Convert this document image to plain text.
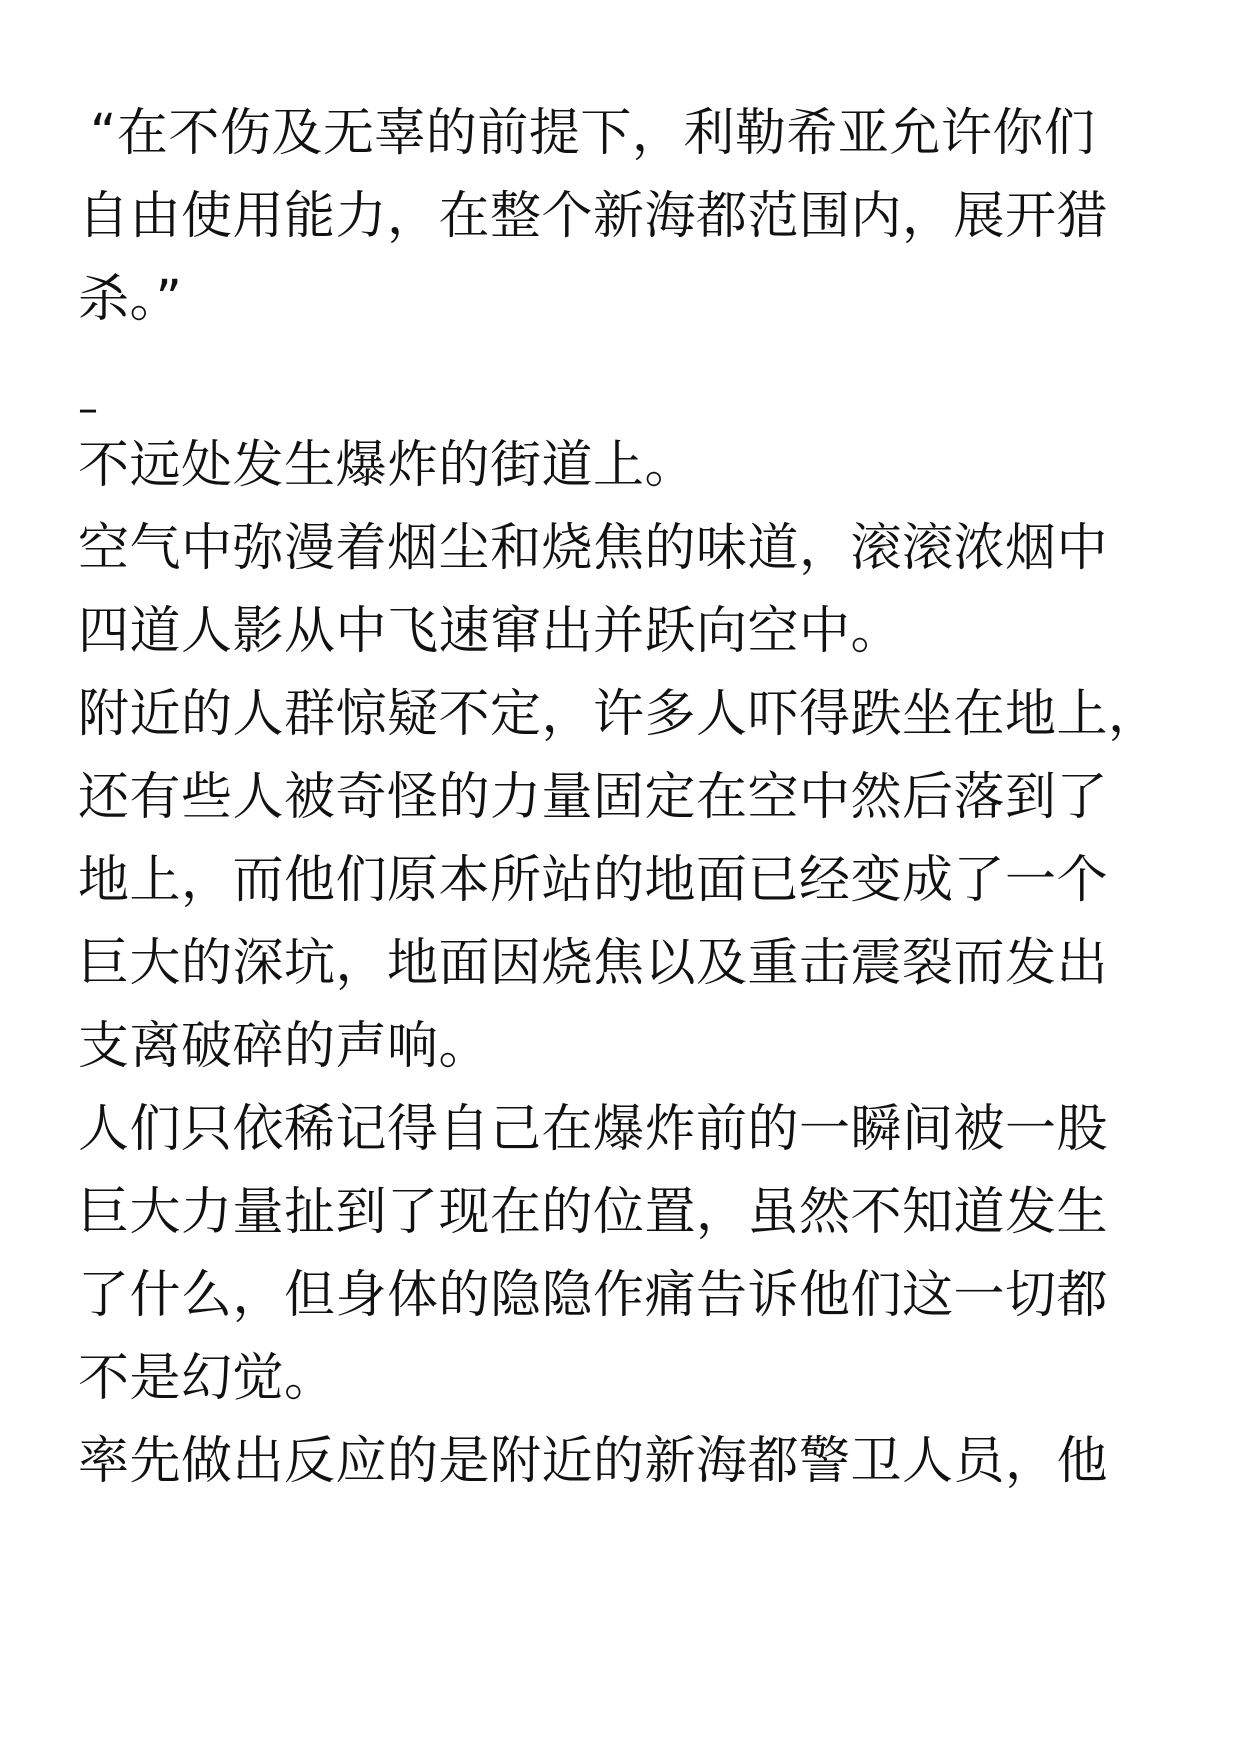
“在不伤及无辜的前提下，利勒希亚允许你们
自由使用能力，在整个新海都范围内，展开猎
杀。”
–
不远处发生爆炸的街道上。
空气中弥漫着烟尘和烧焦的味道，滚滚浓烟中
四道人影从中飞速窜出并跃向空中。
附近的人群惊疑不定，许多人吓得跌坐在地上，
还有些人被奇怪的力量固定在空中然后落到了
地上，而他们原本所站的地面已经变成了一个
巨大的深坑，地面因烧焦以及重击震裂而发出
支离破碎的声响。
人们只依稀记得自己在爆炸前的一瞬间被一股
巨大力量扯到了现在的位置，虽然不知道发生
了什么，但身体的隐隐作痛告诉他们这一切都
不是幻觉。
率先做出反应的是附近的新海都警卫人员，他
